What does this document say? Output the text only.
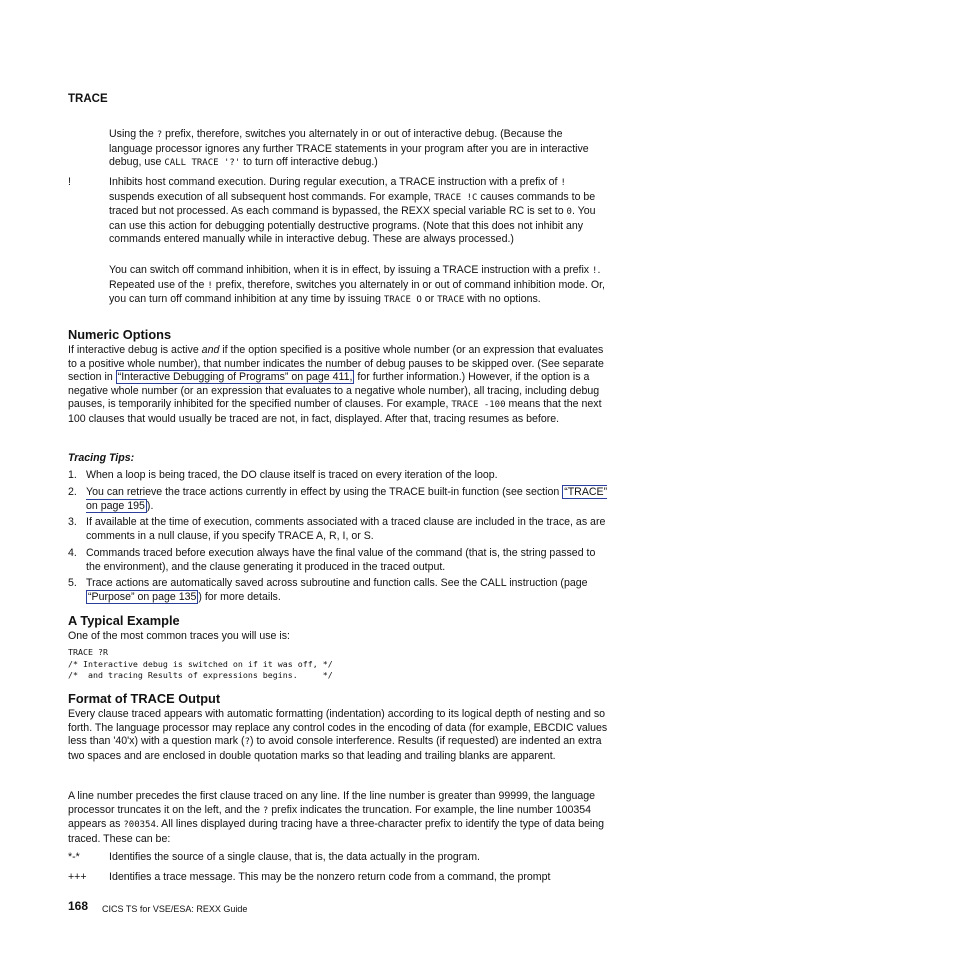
TRACE
Using the ? prefix, therefore, switches you alternately in or out of interactive debug. (Because the language processor ignores any further TRACE statements in your program after you are in interactive debug, use CALL TRACE '?' to turn off interactive debug.)
!	Inhibits host command execution. During regular execution, a TRACE instruction with a prefix of ! suspends execution of all subsequent host commands. For example, TRACE !C causes commands to be traced but not processed. As each command is bypassed, the REXX special variable RC is set to 0. You can use this action for debugging potentially destructive programs. (Note that this does not inhibit any commands entered manually while in interactive debug. These are always processed.)
You can switch off command inhibition, when it is in effect, by issuing a TRACE instruction with a prefix !. Repeated use of the ! prefix, therefore, switches you alternately in or out of command inhibition mode. Or, you can turn off command inhibition at any time by issuing TRACE O or TRACE with no options.
Numeric Options
If interactive debug is active and if the option specified is a positive whole number (or an expression that evaluates to a positive whole number), that number indicates the number of debug pauses to be skipped over. (See separate section in “Interactive Debugging of Programs” on page 411, for further information.) However, if the option is a negative whole number (or an expression that evaluates to a negative whole number), all tracing, including debug pauses, is temporarily inhibited for the specified number of clauses. For example, TRACE -100 means that the next 100 clauses that would usually be traced are not, in fact, displayed. After that, tracing resumes as before.
Tracing Tips:
1. When a loop is being traced, the DO clause itself is traced on every iteration of the loop.
2. You can retrieve the trace actions currently in effect by using the TRACE built-in function (see section “TRACE” on page 195 ).
3. If available at the time of execution, comments associated with a traced clause are included in the trace, as are comments in a null clause, if you specify TRACE A, R, I, or S.
4. Commands traced before execution always have the final value of the command (that is, the string passed to the environment), and the clause generating it produced in the traced output.
5. Trace actions are automatically saved across subroutine and function calls. See the CALL instruction (page “Purpose” on page 135 ) for more details.
A Typical Example
One of the most common traces you will use is:
TRACE ?R
/* Interactive debug is switched on if it was off, */
/*  and tracing Results of expressions begins.     */
Format of TRACE Output
Every clause traced appears with automatic formatting (indentation) according to its logical depth of nesting and so forth. The language processor may replace any control codes in the encoding of data (for example, EBCDIC values less than '40'x) with a question mark (?) to avoid console interference. Results (if requested) are indented an extra two spaces and are enclosed in double quotation marks so that leading and trailing blanks are apparent.
A line number precedes the first clause traced on any line. If the line number is greater than 99999, the language processor truncates it on the left, and the ? prefix indicates the truncation. For example, the line number 100354 appears as ?00354. All lines displayed during tracing have a three-character prefix to identify the type of data being traced. These can be:
*-*	Identifies the source of a single clause, that is, the data actually in the program.
+++ Identifies a trace message. This may be the nonzero return code from a command, the prompt
168 CICS TS for VSE/ESA: REXX Guide
